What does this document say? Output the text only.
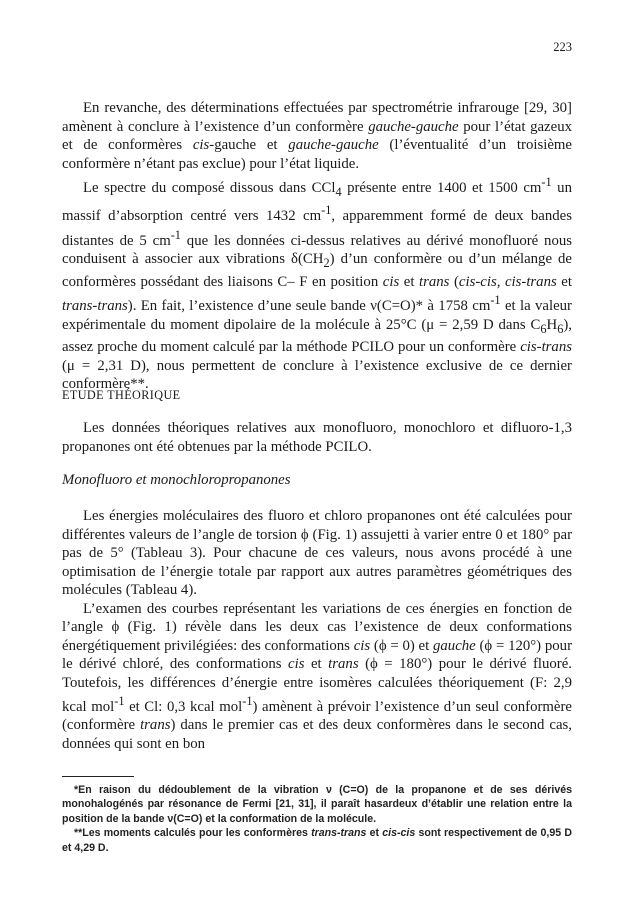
223

En revanche, des déterminations effectuées par spectrométrie infrarouge [29, 30] amènent à conclure à l’existence d’un conformère gauche-gauche pour l’état gazeux et de conformères cis-gauche et gauche-gauche (l’éventualité d’un troisième conformère n’étant pas exclue) pour l’état liquide.

Le spectre du composé dissous dans CCl$_4$ présente entre 1400 et 1500 $cm^{-1}$ un massif d’absorption centré vers 1432 $cm^{-1}$, apparemment formé de deux bandes distantes de 5 $cm^{-1}$ que les données ci-dessus relatives au dérivé monofluoré nous conduisent à associer aux vibrations $\delta(CH_2)$ d’un conformère ou d’un mélange de conformères possédant des liaisons C– F en position cis et trans (cis-cis, cis-trans et trans-trans). En fait, l’existence d’une seule bande ν(C=O)* à 1758 $cm^{-1}$ et la valeur expérimentale du moment dipolaire de la molécule à 25°C (μ = 2,59 D dans $C_6H_6$), assez proche du moment calculé par la méthode PCILO pour un conformère cis-trans (μ = 2,31 D), nous permettent de conclure à l’existence exclusive de ce dernier conformère**.

ETUDE THÉORIQUE

Les données théoriques relatives aux monofluoro, monochloro et difluoro-1,3 propanones ont été obtenues par la méthode PCILO.

Monofluoro et monochloropropanones

Les énergies moléculaires des fluoro et chloro propanones ont été calculées pour différentes valeurs de l’angle de torsion ϕ (Fig. 1) assujetti à varier entre 0 et 180° par pas de 5° (Tableau 3). Pour chacune de ces valeurs, nous avons procédé à une optimisation de l’énergie totale par rapport aux autres paramètres géométriques des molécules (Tableau 4).

L’examen des courbes représentant les variations de ces énergies en fonction de l’angle ϕ (Fig. 1) révèle dans les deux cas l’existence de deux conformations énergétiquement privilégiées: des conformations cis (ϕ = 0) et gauche (ϕ = 120°) pour le dérivé chloré, des conformations cis et trans (ϕ = 180°) pour le dérivé fluoré. Toutefois, les différences d’énergie entre isomères calculées théoriquement (F: 2,9 kcal mol$^{-1}$ et Cl: 0,3 kcal mol$^{-1}$) amènent à prévoir l’existence d’un seul conformère (conformère trans) dans le premier cas et des deux conformères dans le second cas, données qui sont en bon

*En raison du dédoublement de la vibration ν (C=O) de la propanone et de ses dérivés monohalogénés par résonance de Fermi [21, 31], il paraît hasardeux d’établir une relation entre la position de la bande ν(C=O) et la conformation de la molécule.

**Les moments calculés pour les conformères trans-trans et cis-cis sont respectivement de 0,95 D et 4,29 D.
